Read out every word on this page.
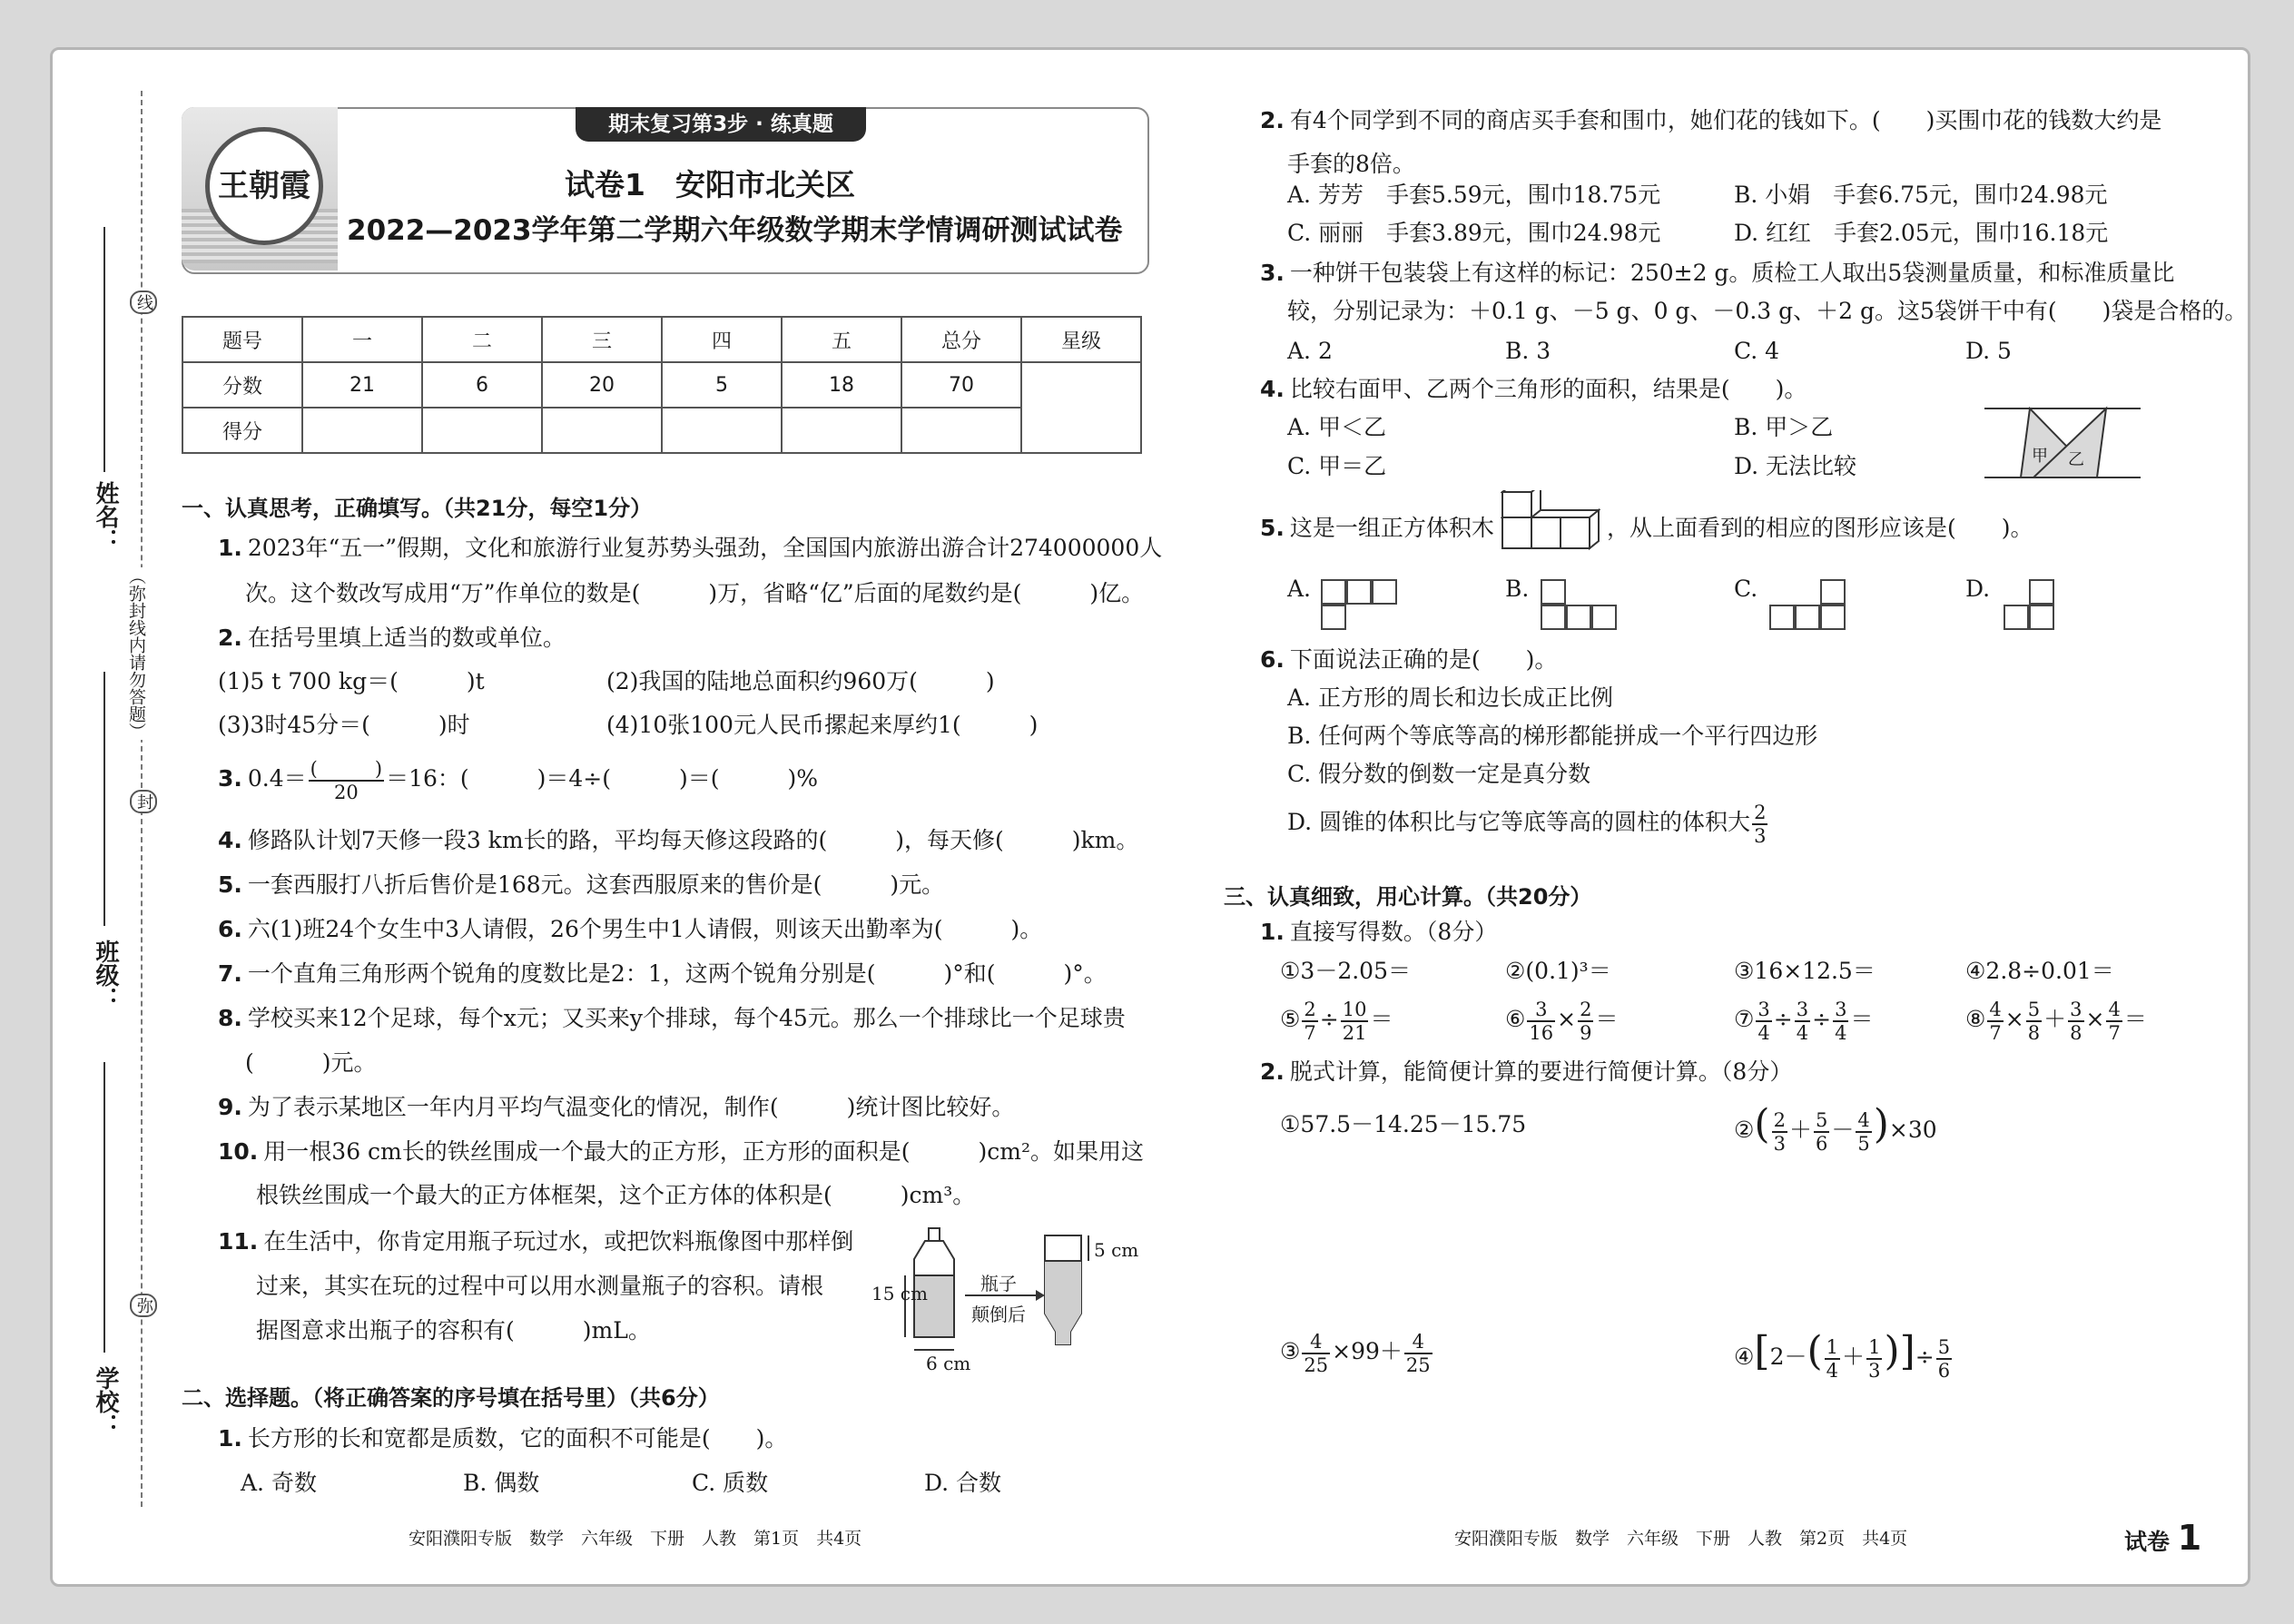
学校：
班级：
姓名：
弥
封
线
（弥封线内请勿答题）
王朝霞
期末复习第3步 · 练真题
试卷1　安阳市北关区
2022—2023学年第二学期六年级数学期末学情调研测试试卷
题号	一	二	三	四	五	总分	星级
分数	21	6	20	5	18	70	
得分							
一、认真思考，正确填写。（共21分，每空1分）
1. 2023年“五一”假期，文化和旅游行业复苏势头强劲，全国国内旅游出游合计274000000人
次。这个数改写成用“万”作单位的数是(　　　)万，省略“亿”后面的尾数约是(　　　)亿。
2. 在括号里填上适当的数或单位。
(1)5 t 700 kg＝(　　　)t	(2)我国的陆地总面积约960万(　　　)
(3)3时45分＝(　　　)时	(4)10张100元人民币摞起来厚约1(　　　)
3. $0.4= \frac{( )}{20} =16$：(　　　)＝4÷(　　　)＝(　　　)%
4. 修路队计划7天修一段3 km长的路，平均每天修这段路的(　　　)，每天修(　　　)km。
5. 一套西服打八折后售价是168元。这套西服原来的售价是(　　　)元。
6. 六(1)班24个女生中3人请假，26个男生中1人请假，则该天出勤率为(　　　)。
7. 一个直角三角形两个锐角的度数比是2：1，这两个锐角分别是(　　　)°和(　　　)°。
8. 学校买来12个足球，每个x元；又买来y个排球，每个45元。那么一个排球比一个足球贵
(　　　)元。
9. 为了表示某地区一年内月平均气温变化的情况，制作(　　　)统计图比较好。
10. 用一根36 cm长的铁丝围成一个最大的正方形，正方形的面积是(　　　)cm²。如果用这
根铁丝围成一个最大的正方体框架，这个正方体的体积是(　　　)cm³。
11. 在生活中，你肯定用瓶子玩过水，或把饮料瓶像图中那样倒
过来，其实在玩的过程中可以用水测量瓶子的容积。请根
据图意求出瓶子的容积有(　　　)mL。
15 cm
6 cm
5 cm
瓶子
颠倒后
二、选择题。（将正确答案的序号填在括号里）（共6分）
1. 长方形的长和宽都是质数，它的面积不可能是(　　)。
A. 奇数	B. 偶数	C. 质数	D. 合数
安阳濮阳专版　数学　六年级　下册　人教　第1页　共4页
2. 有4个同学到不同的商店买手套和围巾，她们花的钱如下。(　　)买围巾花的钱数大约是
手套的8倍。
A. 芳芳　手套5.59元，围巾18.75元	B. 小娟　手套6.75元，围巾24.98元
C. 丽丽　手套3.89元，围巾24.98元	D. 红红　手套2.05元，围巾16.18元
3. 一种饼干包装袋上有这样的标记：250±2 g。质检工人取出5袋测量质量，和标准质量比
较，分别记录为：＋0.1 g、－5 g、0 g、－0.3 g、＋2 g。这5袋饼干中有(　　)袋是合格的。
A. 2	B. 3	C. 4	D. 5
4. 比较右面甲、乙两个三角形的面积，结果是(　　)。
A. 甲＜乙	B. 甲＞乙
C. 甲＝乙	D. 无法比较	甲 乙
5. 这是一组正方体积木	，从上面看到的相应的图形应该是(　　)。
A.	B.	C.	D.
6. 下面说法正确的是(　　)。
A. 正方形的周长和边长成正比例
B. 任何两个等底等高的梯形都能拼成一个平行四边形
C. 假分数的倒数一定是真分数
D. 圆锥的体积比与它等底等高的圆柱的体积大 $\frac{2}{3}$
三、认真细致，用心计算。（共20分）
1. 直接写得数。（8分）
①3－2.05＝	②(0.1)³＝	③16×12.5＝	④2.8÷0.01＝
⑤ $\frac{2}{7} \div \frac{10}{21}$ ＝	⑥ $\frac{3}{16} \times \frac{2}{9}$ ＝	⑦ $\frac{3}{4} \div \frac{3}{4} \div \frac{3}{4}$ ＝	⑧ $\frac{4}{7} \times \frac{5}{8} + \frac{3}{8} \times \frac{4}{7}$ ＝
2. 脱式计算，能简便计算的要进行简便计算。（8分）
①57.5－14.25－15.75	②( $\frac{2}{3} + \frac{5}{6} - \frac{4}{5} )\times 30$
③ $\frac{4}{25} \times 99+ \frac{4}{25}$	④[2－( $\frac{1}{4} + \frac{1}{3}$ )]÷ $\frac{5}{6}$
安阳濮阳专版　数学　六年级　下册　人教　第2页　共4页	试卷 1
